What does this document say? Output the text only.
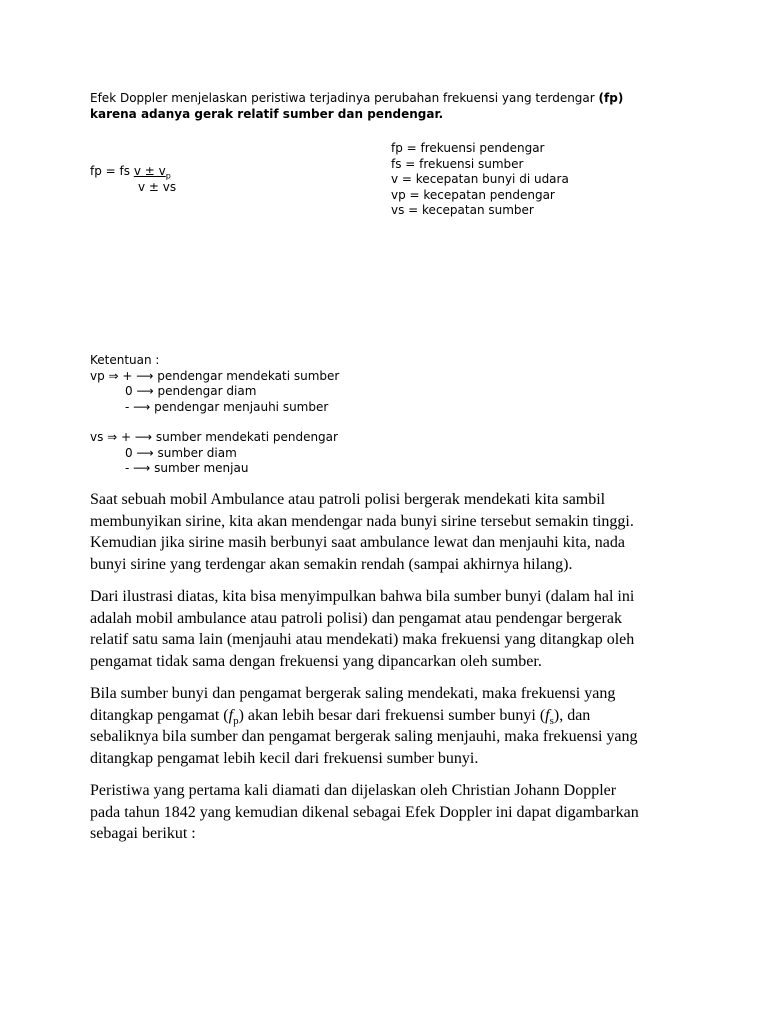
Efek Doppler menjelaskan peristiwa terjadinya perubahan frekuensi yang terdengar (fp)
karena adanya gerak relatif sumber dan pendengar.
fp = fs $v \pm v_p$
v ± vs
fp = frekuensi pendengar
fs = frekuensi sumber
v = kecepatan bunyi di udara
vp = kecepatan pendengar
vs = kecepatan sumber
Ketentuan :
vp ⇒ + ⟶ pendengar mendekati sumber
0 ⟶ pendengar diam
- ⟶ pendengar menjauhi sumber
vs ⇒ + ⟶ sumber mendekati pendengar
0 ⟶ sumber diam
- ⟶ sumber menjau
Saat sebuah mobil Ambulance atau patroli polisi bergerak mendekati kita sambil
membunyikan sirine, kita akan mendengar nada bunyi sirine tersebut semakin tinggi.
Kemudian jika sirine masih berbunyi saat ambulance lewat dan menjauhi kita, nada
bunyi sirine yang terdengar akan semakin rendah (sampai akhirnya hilang).
Dari ilustrasi diatas, kita bisa menyimpulkan bahwa bila sumber bunyi (dalam hal ini
adalah mobil ambulance atau patroli polisi) dan pengamat atau pendengar bergerak
relatif satu sama lain (menjauhi atau mendekati) maka frekuensi yang ditangkap oleh
pengamat tidak sama dengan frekuensi yang dipancarkan oleh sumber.
Bila sumber bunyi dan pengamat bergerak saling mendekati, maka frekuensi yang
ditangkap pengamat $(f_p)$ akan lebih besar dari frekuensi sumber bunyi $(f_s)$, dan
sebaliknya bila sumber dan pengamat bergerak saling menjauhi, maka frekuensi yang
ditangkap pengamat lebih kecil dari frekuensi sumber bunyi.
Peristiwa yang pertama kali diamati dan dijelaskan oleh Christian Johann Doppler
pada tahun 1842 yang kemudian dikenal sebagai Efek Doppler ini dapat digambarkan
sebagai berikut :
